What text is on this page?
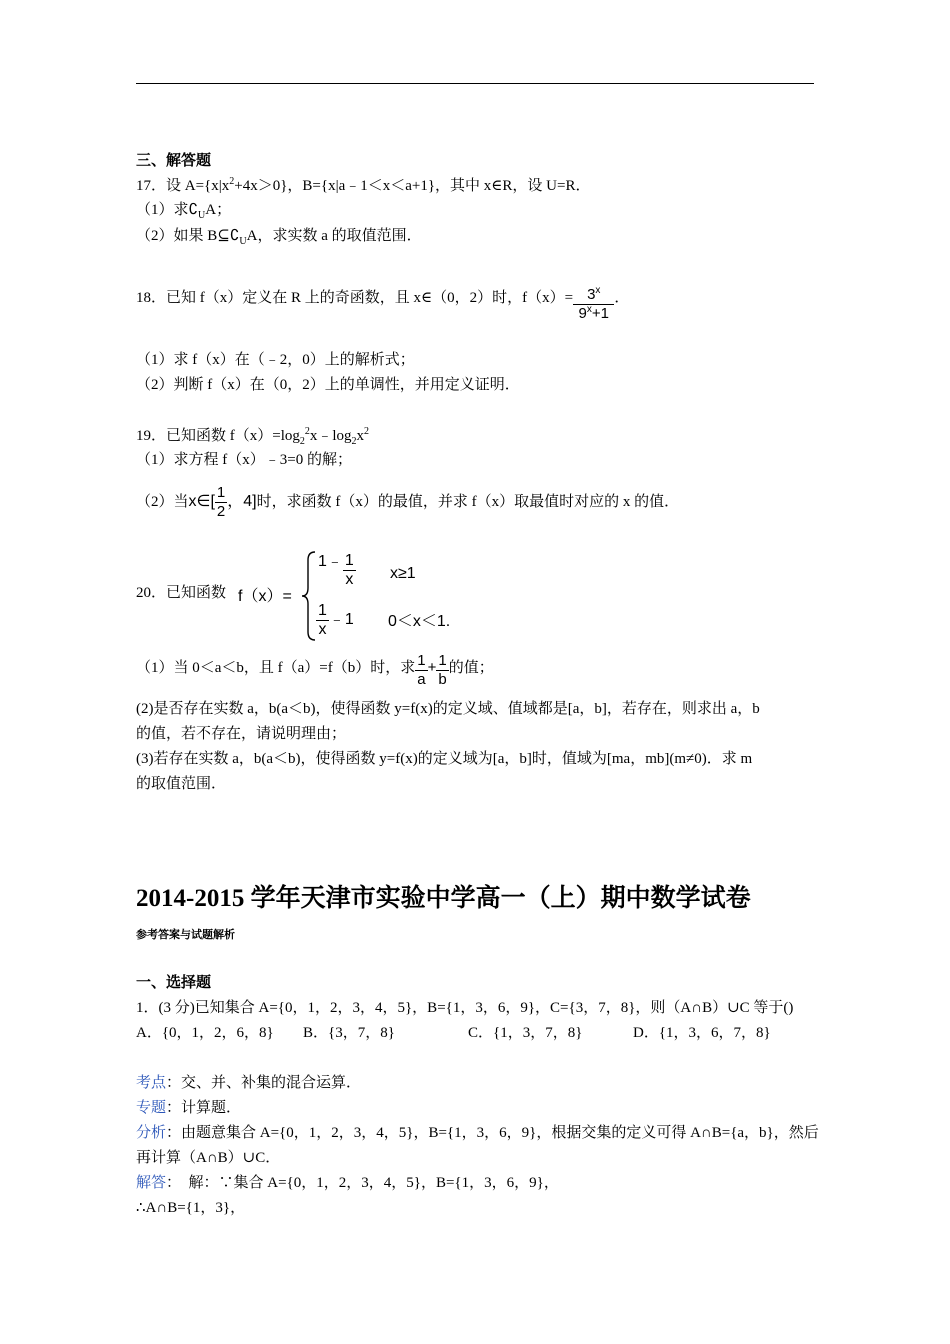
三、解答题
17．设 $A=\{x|x^2+4x>0\}$，B={x|a﹣1＜x＜a+1}，其中 x∈R，设 U=R．
（1）求$∁_UA$；
（2）如果 $B⊆∁_UA$，求实数 a 的取值范围．
18．已知 f（x）定义在 R 上的奇函数，且 x∈（0，2）时，$f(x)= \frac{3^x}{9^x+1}$ ．
（1）求 f（x）在（﹣2，0）上的解析式；
（2）判断 f（x）在（0，2）上的单调性，并用定义证明．
19．已知函数 $f(x)=\log_2^2x﹣\log_2x^2$
（1）求方程 f（x）﹣3=0 的解；
（2）当x∈[ $\frac{1}{2}$ ，4]时，求函数 f（x）的最值，并求 f（x）取最值时对应的 x 的值．
20．已知函数 f（x）=
1﹣ $\frac{1}{x} x\ge 1$
$\frac{1}{x}$ ﹣1 0＜x＜1.
（1）当 0＜a＜b，且 f（a）=f（b）时，求 $\frac{1}{a} + \frac{1}{b}$ 的值；
(2)是否存在实数 a，b(a＜b)，使得函数 y=f(x)的定义域、值域都是[a，b]，若存在，则求出 a，b
的值，若不存在，请说明理由；
(3)若存在实数 a，b(a＜b)，使得函数 y=f(x)的定义域为[a，b]时，值域为[ma，mb](m≠0)．求 m
的取值范围．
2014-2015 学年天津市实验中学高一（上）期中数学试卷
参考答案与试题解析
一、选择题
1．(3 分)已知集合 A={0，1，2，3，4，5}，B={1，3，6，9}，C={3，7，8}，则（A∩B）∪C 等于()
A．{0，1，2，6，8} B．{3，7，8}	C．{1，3，7，8}	D．{1，3，6，7，8}
考点：交、并、补集的混合运算．
专题：计算题．
分析：由题意集合 A={0，1，2，3，4，5}，B={1，3，6，9}，根据交集的定义可得 A∩B={a，b}，然后
再计算（A∩B）∪C．
解答：　解：∵集合 A={0，1，2，3，4，5}，B={1，3，6，9}，
∴A∩B={1，3}，
